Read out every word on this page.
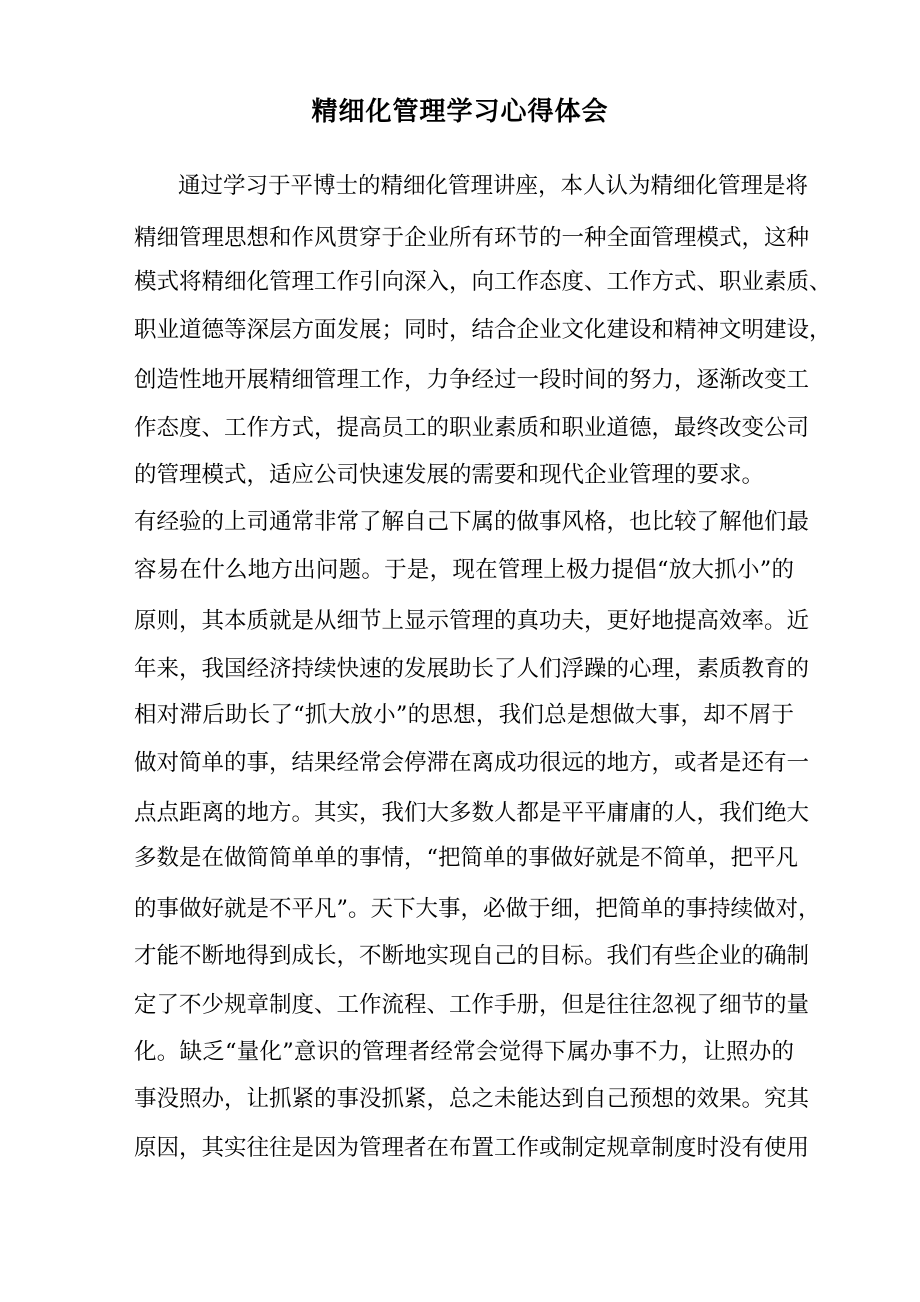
精细化管理学习心得体会
通过学习于平博士的精细化管理讲座，本人认为精细化管理是将
精细管理思想和作风贯穿于企业所有环节的一种全面管理模式，这种
模式将精细化管理工作引向深入，向工作态度、工作方式、职业素质、
职业道德等深层方面发展；同时，结合企业文化建设和精神文明建设，
创造性地开展精细管理工作，力争经过一段时间的努力，逐渐改变工
作态度、工作方式，提高员工的职业素质和职业道德，最终改变公司
的管理模式，适应公司快速发展的需要和现代企业管理的要求。
有经验的上司通常非常了解自己下属的做事风格，也比较了解他们最
容易在什么地方出问题。于是，现在管理上极力提倡“放大抓小”的
原则，其本质就是从细节上显示管理的真功夫，更好地提高效率。近
年来，我国经济持续快速的发展助长了人们浮躁的心理，素质教育的
相对滞后助长了“抓大放小”的思想，我们总是想做大事，却不屑于
做对简单的事，结果经常会停滞在离成功很远的地方，或者是还有一
点点距离的地方。其实，我们大多数人都是平平庸庸的人，我们绝大
多数是在做简简单单的事情，“把简单的事做好就是不简单，把平凡
的事做好就是不平凡”。天下大事，必做于细，把简单的事持续做对，
才能不断地得到成长，不断地实现自己的目标。我们有些企业的确制
定了不少规章制度、工作流程、工作手册，但是往往忽视了细节的量
化。缺乏“量化”意识的管理者经常会觉得下属办事不力，让照办的
事没照办，让抓紧的事没抓紧，总之未能达到自己预想的效果。究其
原因，其实往往是因为管理者在布置工作或制定规章制度时没有使用
